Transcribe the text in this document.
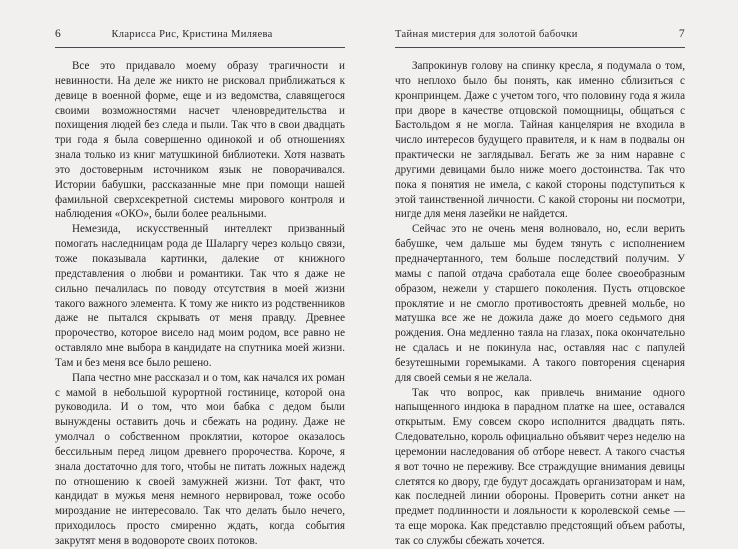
6	Кларисса Рис, Кристина Миляева

Все это придавало моему образу трагичности и невинности. На деле же никто не рисковал приближаться к девице в военной форме, еще и из ведомства, славящегося своими возможностями насчет членовредительства и похищения людей без следа и пыли. Так что в свои двадцать три года я была совершенно одинокой и об отношениях знала только из книг матушкиной библиотеки. Хотя назвать это достоверным источником язык не поворачивался. Истории бабушки, рассказанные мне при помощи нашей фамильной сверхсекретной системы мирового контроля и наблюдения «ОКО», были более реальными.

Немезида, искусственный интеллект призванный помогать наследницам рода де Шаларгу через кольцо связи, тоже показывала картинки, далекие от книжного представления о любви и романтики. Так что я даже не сильно печалилась по поводу отсутствия в моей жизни такого важного элемента. К тому же никто из родственников даже не пытался скрывать от меня правду. Древнее пророчество, которое висело над моим родом, все равно не оставляло мне выбора в кандидате на спутника моей жизни. Там и без меня все было решено.

Папа честно мне рассказал и о том, как начался их роман с мамой в небольшой курортной гостинице, которой она руководила. И о том, что мои бабка с дедом были вынуждены оставить дочь и сбежать на родину. Даже не умолчал о собственном проклятии, которое оказалось бессильным перед лицом древнего пророчества. Короче, я знала достаточно для того, чтобы не питать ложных надежд по отношению к своей замужней жизни. Тот факт, что кандидат в мужья меня немного нервировал, тоже особо мироздание не интересовало. Так что делать было нечего, приходилось просто смиренно ждать, когда события закрутят меня в водовороте своих потоков.

Тайная мистерия для золотой бабочки	7

Запрокинув голову на спинку кресла, я подумала о том, что неплохо было бы понять, как именно сблизиться с кронпринцем. Даже с учетом того, что половину года я жила при дворе в качестве отцовской помощницы, общаться с Бастольдом я не могла. Тайная канцелярия не входила в число интересов будущего правителя, и к нам в подвалы он практически не заглядывал. Бегать же за ним наравне с другими девицами было ниже моего достоинства. Так что пока я понятия не имела, с какой стороны подступиться к этой таинственной личности. С какой стороны ни посмотри, нигде для меня лазейки не найдется.

Сейчас это не очень меня волновало, но, если верить бабушке, чем дальше мы будем тянуть с исполнением предначертанного, тем больше последствий получим. У мамы с папой отдача сработала еще более своеобразным образом, нежели у старшего поколения. Пусть отцовское проклятие и не смогло противостоять древней мольбе, но матушка все же не дожила даже до моего седьмого дня рождения. Она медленно таяла на глазах, пока окончательно не сдалась и не покинула нас, оставляя нас с папулей безутешными горемыками. А такого повторения сценария для своей семьи я не желала.

Так что вопрос, как привлечь внимание одного напыщенного индюка в парадном платке на шее, оставался открытым. Ему совсем скоро исполнится двадцать пять. Следовательно, король официально объявит через неделю на церемонии наследования об отборе невест. А такого счастья я вот точно не переживу. Все страждущие внимания девицы слетятся ко двору, где будут досаждать организаторам и нам, как последней линии обороны. Проверить сотни анкет на предмет подлинности и лояльности к королевской семье — та еще морока. Как представлю предстоящий объем работы, так со службы сбежать хочется.
